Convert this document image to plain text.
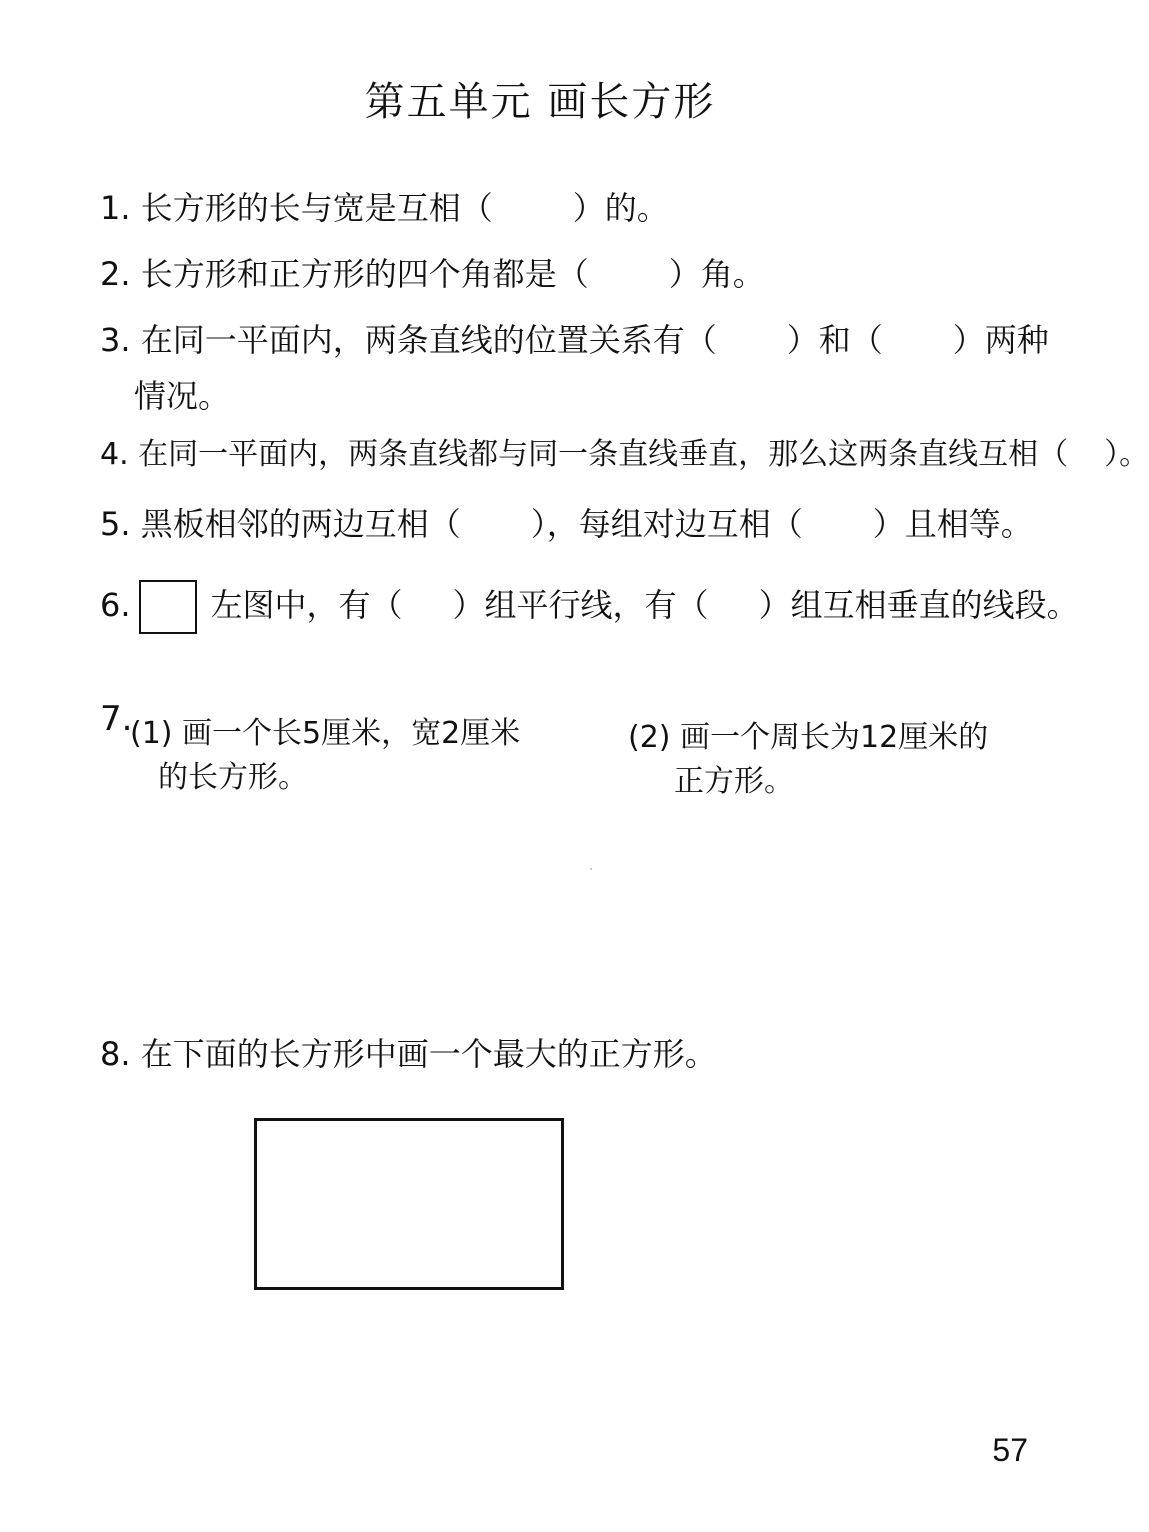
第五单元 画长方形
1. 长方形的长与宽是互相（	）的。
2. 长方形和正方形的四个角都是（	）角。
3. 在同一平面内，两条直线的位置关系有（ ）和（ ）两种
情况。
4. 在同一平面内，两条直线都与同一条直线垂直，那么这两条直线互相（ ）。
5. 黑板相邻的两边互相（ ），每组对边互相（ ）且相等。
6.	左图中，有（ ）组平行线，有（ ）组互相垂直的线段。
7.
(1) 画一个长5厘米，宽2厘米
的长方形。
(2) 画一个周长为12厘米的
正方形。
8. 在下面的长方形中画一个最大的正方形。
57
